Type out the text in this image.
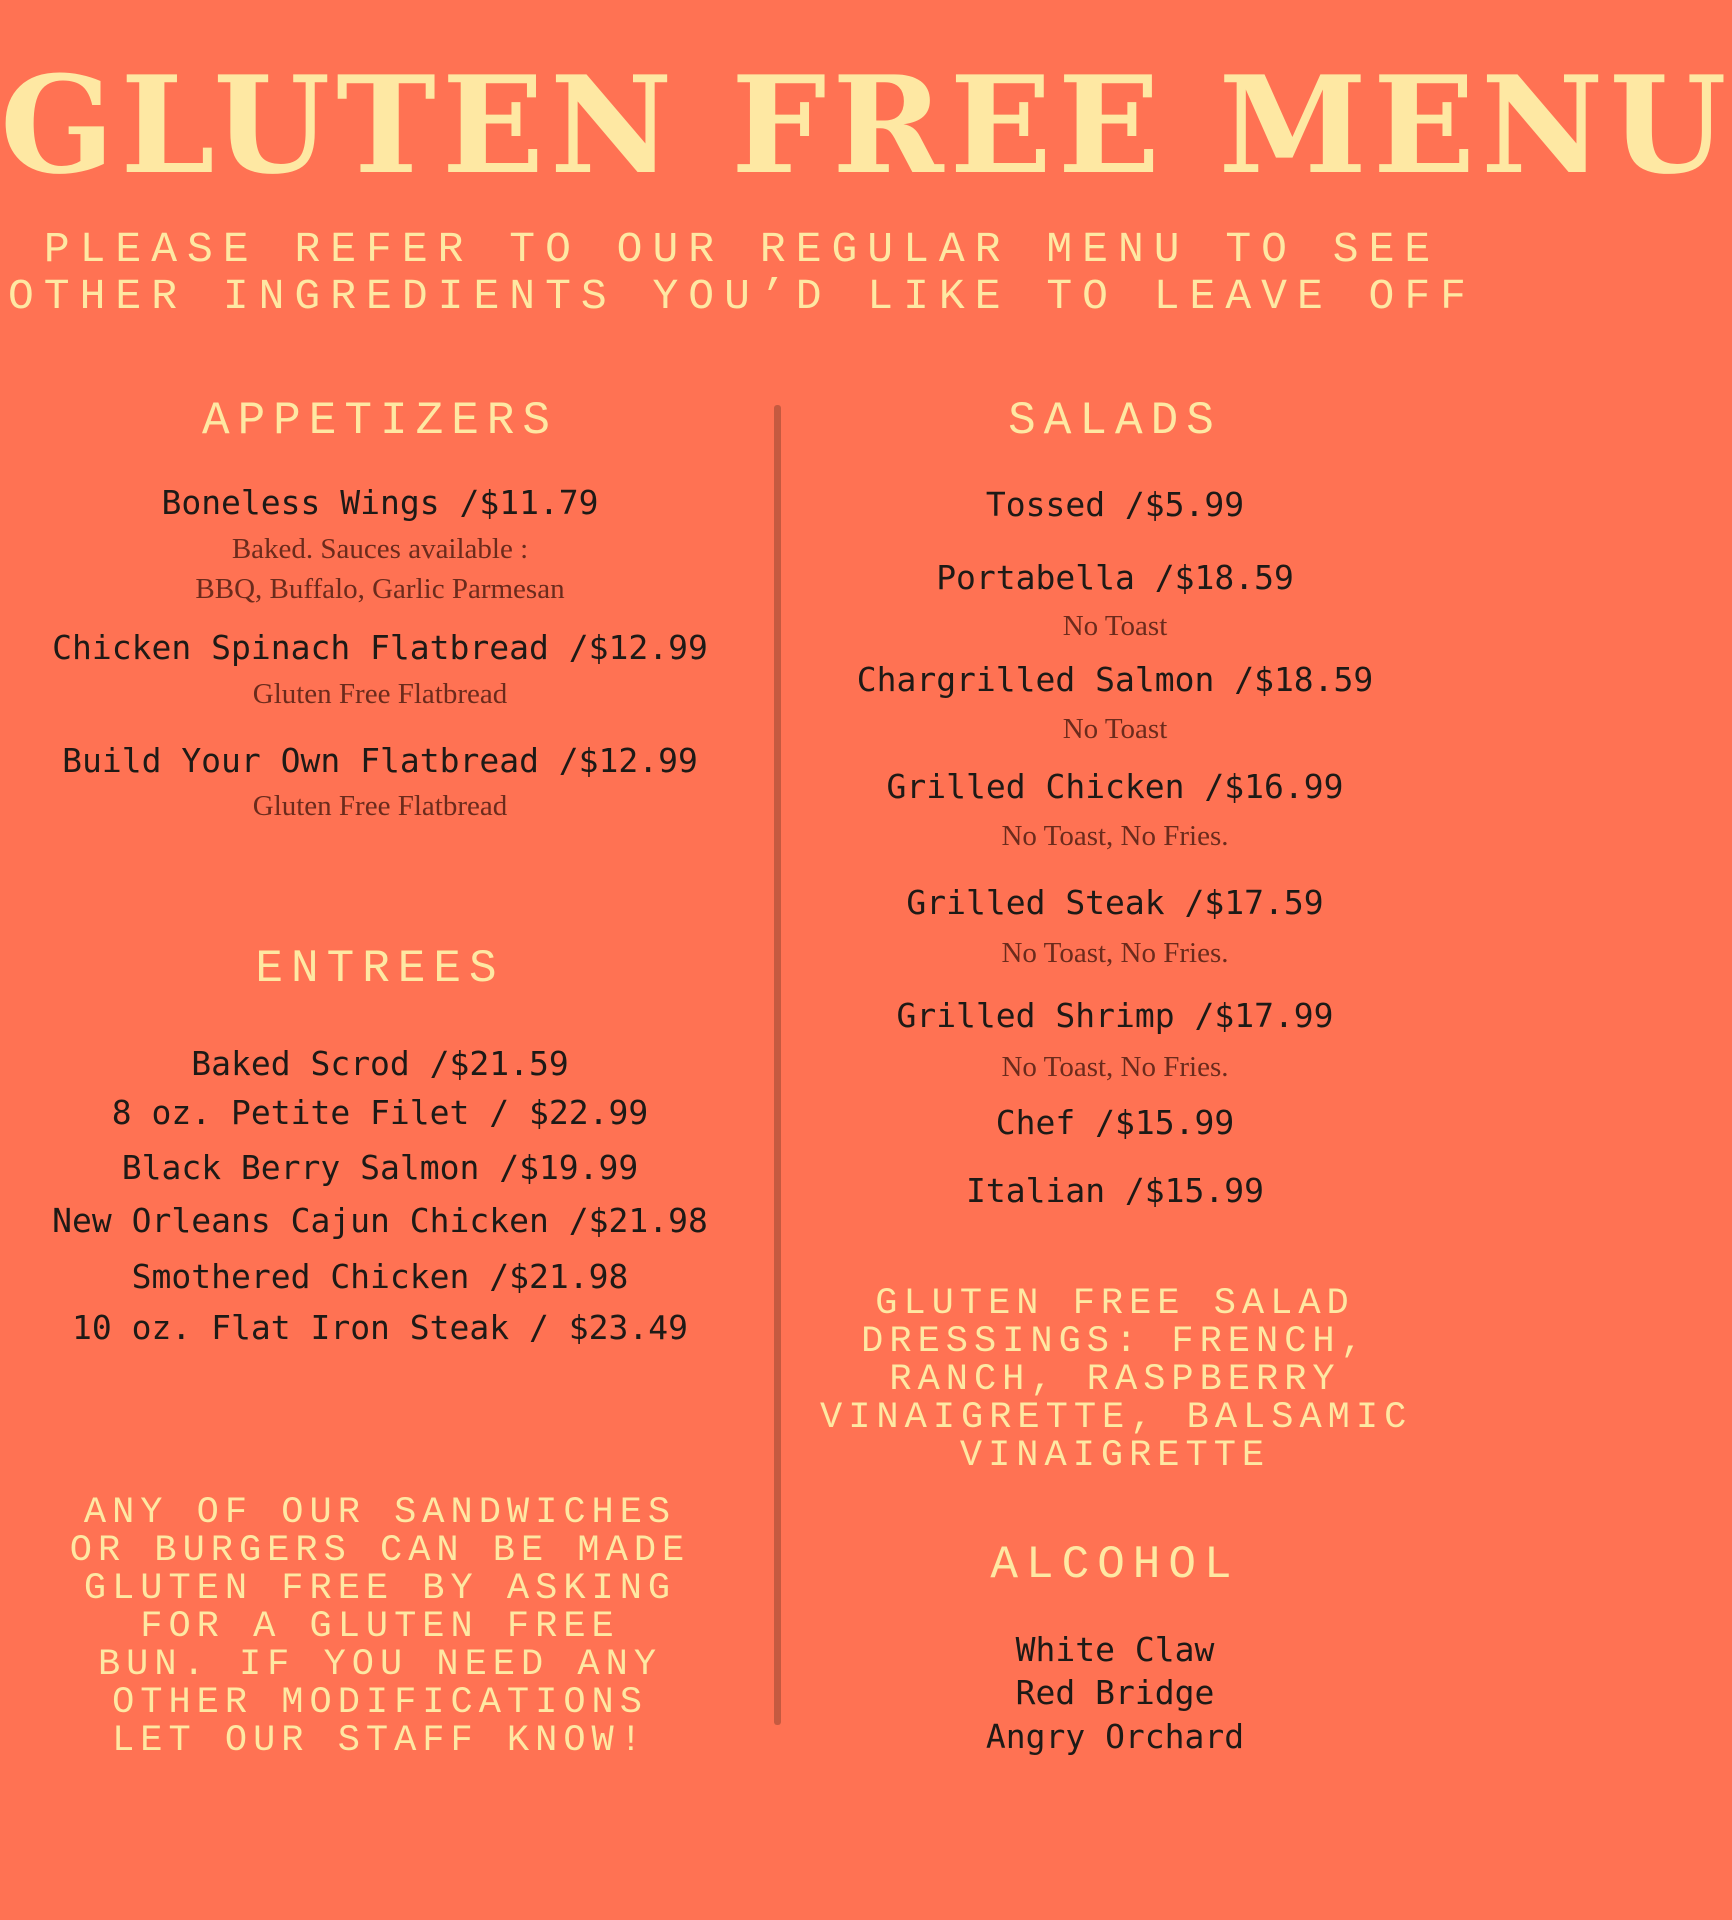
GLUTEN FREE MENU
PLEASE REFER TO OUR REGULAR MENU TO SEE
OTHER INGREDIENTS YOU’D LIKE TO LEAVE OFF
APPETIZERS
Boneless Wings /$11.79
Baked. Sauces available :
BBQ, Buffalo, Garlic Parmesan
Chicken Spinach Flatbread /$12.99
Gluten Free Flatbread
Build Your Own Flatbread /$12.99
Gluten Free Flatbread
ENTREES
Baked Scrod /$21.59
8 oz. Petite Filet / $22.99
Black Berry Salmon /$19.99
New Orleans Cajun Chicken /$21.98
Smothered Chicken /$21.98
10 oz. Flat Iron Steak / $23.49
ANY OF OUR SANDWICHES
OR BURGERS CAN BE MADE
GLUTEN FREE BY ASKING
FOR A GLUTEN FREE
BUN. IF YOU NEED ANY
OTHER MODIFICATIONS
LET OUR STAFF KNOW!
SALADS
Tossed /$5.99
Portabella /$18.59
No Toast
Chargrilled Salmon /$18.59
No Toast
Grilled Chicken /$16.99
No Toast, No Fries.
Grilled Steak /$17.59
No Toast, No Fries.
Grilled Shrimp /$17.99
No Toast, No Fries.
Chef /$15.99
Italian /$15.99
GLUTEN FREE SALAD
DRESSINGS: FRENCH,
RANCH, RASPBERRY
VINAIGRETTE, BALSAMIC
VINAIGRETTE
ALCOHOL
White Claw
Red Bridge
Angry Orchard
